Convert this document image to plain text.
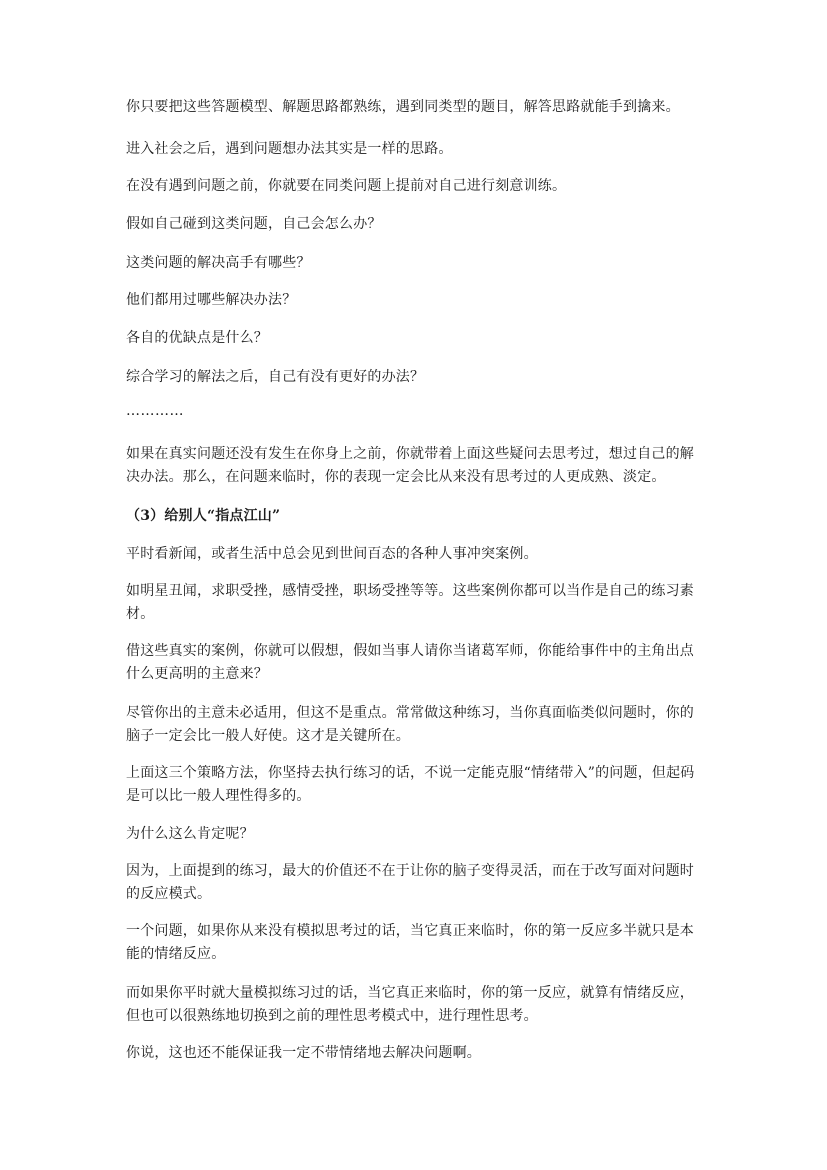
你只要把这些答题模型、解题思路都熟练，遇到同类型的题目，解答思路就能手到擒来。

进入社会之后，遇到问题想办法其实是一样的思路。

在没有遇到问题之前，你就要在同类问题上提前对自己进行刻意训练。

假如自己碰到这类问题，自己会怎么办？

这类问题的解决高手有哪些？

他们都用过哪些解决办法？

各自的优缺点是什么？

综合学习的解法之后，自己有没有更好的办法？

…………

如果在真实问题还没有发生在你身上之前，你就带着上面这些疑问去思考过，想过自己的解决办法。那么，在问题来临时，你的表现一定会比从来没有思考过的人更成熟、淡定。

（3）给别人“指点江山”

平时看新闻，或者生活中总会见到世间百态的各种人事冲突案例。

如明星丑闻，求职受挫，感情受挫，职场受挫等等。这些案例你都可以当作是自己的练习素材。

借这些真实的案例，你就可以假想，假如当事人请你当诸葛军师，你能给事件中的主角出点什么更高明的主意来？

尽管你出的主意未必适用，但这不是重点。常常做这种练习，当你真面临类似问题时，你的脑子一定会比一般人好使。这才是关键所在。

上面这三个策略方法，你坚持去执行练习的话，不说一定能克服“情绪带入”的问题，但起码是可以比一般人理性得多的。

为什么这么肯定呢？

因为，上面提到的练习，最大的价值还不在于让你的脑子变得灵活，而在于改写面对问题时的反应模式。

一个问题，如果你从来没有模拟思考过的话，当它真正来临时，你的第一反应多半就只是本能的情绪反应。

而如果你平时就大量模拟练习过的话，当它真正来临时，你的第一反应，就算有情绪反应，但也可以很熟练地切换到之前的理性思考模式中，进行理性思考。

你说，这也还不能保证我一定不带情绪地去解决问题啊。
